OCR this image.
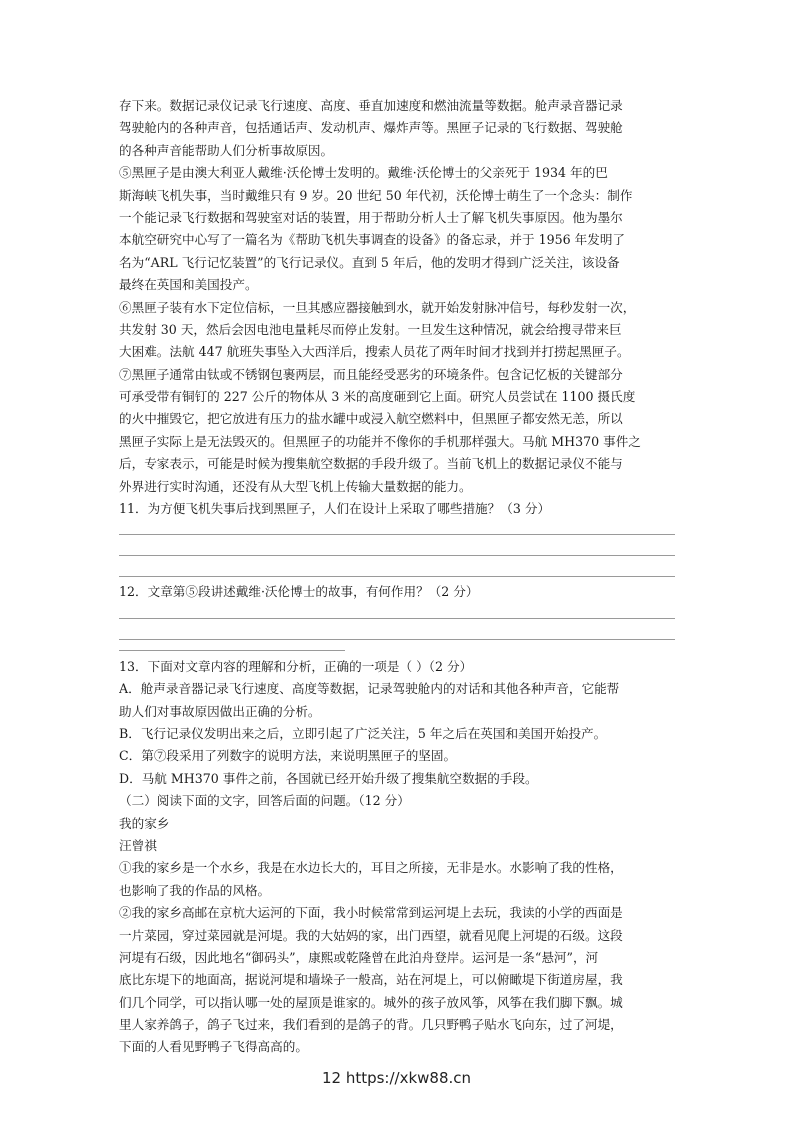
存下来。数据记录仪记录飞行速度、高度、垂直加速度和燃油流量等数据。舱声录音器记录
驾驶舱内的各种声音，包括通话声、发动机声、爆炸声等。黑匣子记录的飞行数据、驾驶舱
的各种声音能帮助人们分析事故原因。
⑤黑匣子是由澳大利亚人戴维·沃伦博士发明的。戴维·沃伦博士的父亲死于 1934 年的巴
斯海峡飞机失事，当时戴维只有 9 岁。20 世纪 50 年代初，沃伦博士萌生了一个念头：制作
一个能记录飞行数据和驾驶室对话的装置，用于帮助分析人士了解飞机失事原因。他为墨尔
本航空研究中心写了一篇名为《帮助飞机失事调查的设备》的备忘录，并于 1956 年发明了
名为“ARL 飞行记忆装置”的飞行记录仪。直到 5 年后，他的发明才得到广泛关注，该设备
最终在英国和美国投产。
⑥黑匣子装有水下定位信标，一旦其感应器接触到水，就开始发射脉冲信号，每秒发射一次，
共发射 30 天，然后会因电池电量耗尽而停止发射。一旦发生这种情况，就会给搜寻带来巨
大困难。法航 447 航班失事坠入大西洋后，搜索人员花了两年时间才找到并打捞起黑匣子。
⑦黑匣子通常由钛或不锈钢包裹两层，而且能经受恶劣的环境条件。包含记忆板的关键部分
可承受带有铜钉的 227 公斤的物体从 3 米的高度砸到它上面。研究人员尝试在 1100 摄氏度
的火中摧毁它，把它放进有压力的盐水罐中或浸入航空燃料中，但黑匣子都安然无恙，所以
黑匣子实际上是无法毁灭的。但黑匣子的功能并不像你的手机那样强大。马航 MH370 事件之
后，专家表示，可能是时候为搜集航空数据的手段升级了。当前飞机上的数据记录仪不能与
外界进行实时沟通，还没有从大型飞机上传输大量数据的能力。
11．为方便飞机失事后找到黑匣子，人们在设计上采取了哪些措施？（3 分）
12．文章第⑤段讲述戴维·沃伦博士的故事，有何作用？（2 分）
13．下面对文章内容的理解和分析，正确的一项是（ ）（2 分）
A．舱声录音器记录飞行速度、高度等数据，记录驾驶舱内的对话和其他各种声音，它能帮
助人们对事故原因做出正确的分析。
B．飞行记录仪发明出来之后，立即引起了广泛关注，5 年之后在英国和美国开始投产。
C．第⑦段采用了列数字的说明方法，来说明黑匣子的坚固。
D．马航 MH370 事件之前，各国就已经开始升级了搜集航空数据的手段。
（二）阅读下面的文字，回答后面的问题。（12 分）
我的家乡
汪曾祺
①我的家乡是一个水乡，我是在水边长大的，耳目之所接，无非是水。水影响了我的性格，
也影响了我的作品的风格。
②我的家乡高邮在京杭大运河的下面，我小时候常常到运河堤上去玩，我读的小学的西面是
一片菜园，穿过菜园就是河堤。我的大姑妈的家，出门西望，就看见爬上河堤的石级。这段
河堤有石级，因此地名“御码头”，康熙或乾隆曾在此泊舟登岸。运河是一条“悬河”，河
底比东堤下的地面高，据说河堤和墙垛子一般高，站在河堤上，可以俯瞰堤下街道房屋，我
们几个同学，可以指认哪一处的屋顶是谁家的。城外的孩子放风筝，风筝在我们脚下飘。城
里人家养鸽子，鸽子飞过来，我们看到的是鸽子的背。几只野鸭子贴水飞向东，过了河堤，
下面的人看见野鸭子飞得高高的。
12 https://xkw88.cn
